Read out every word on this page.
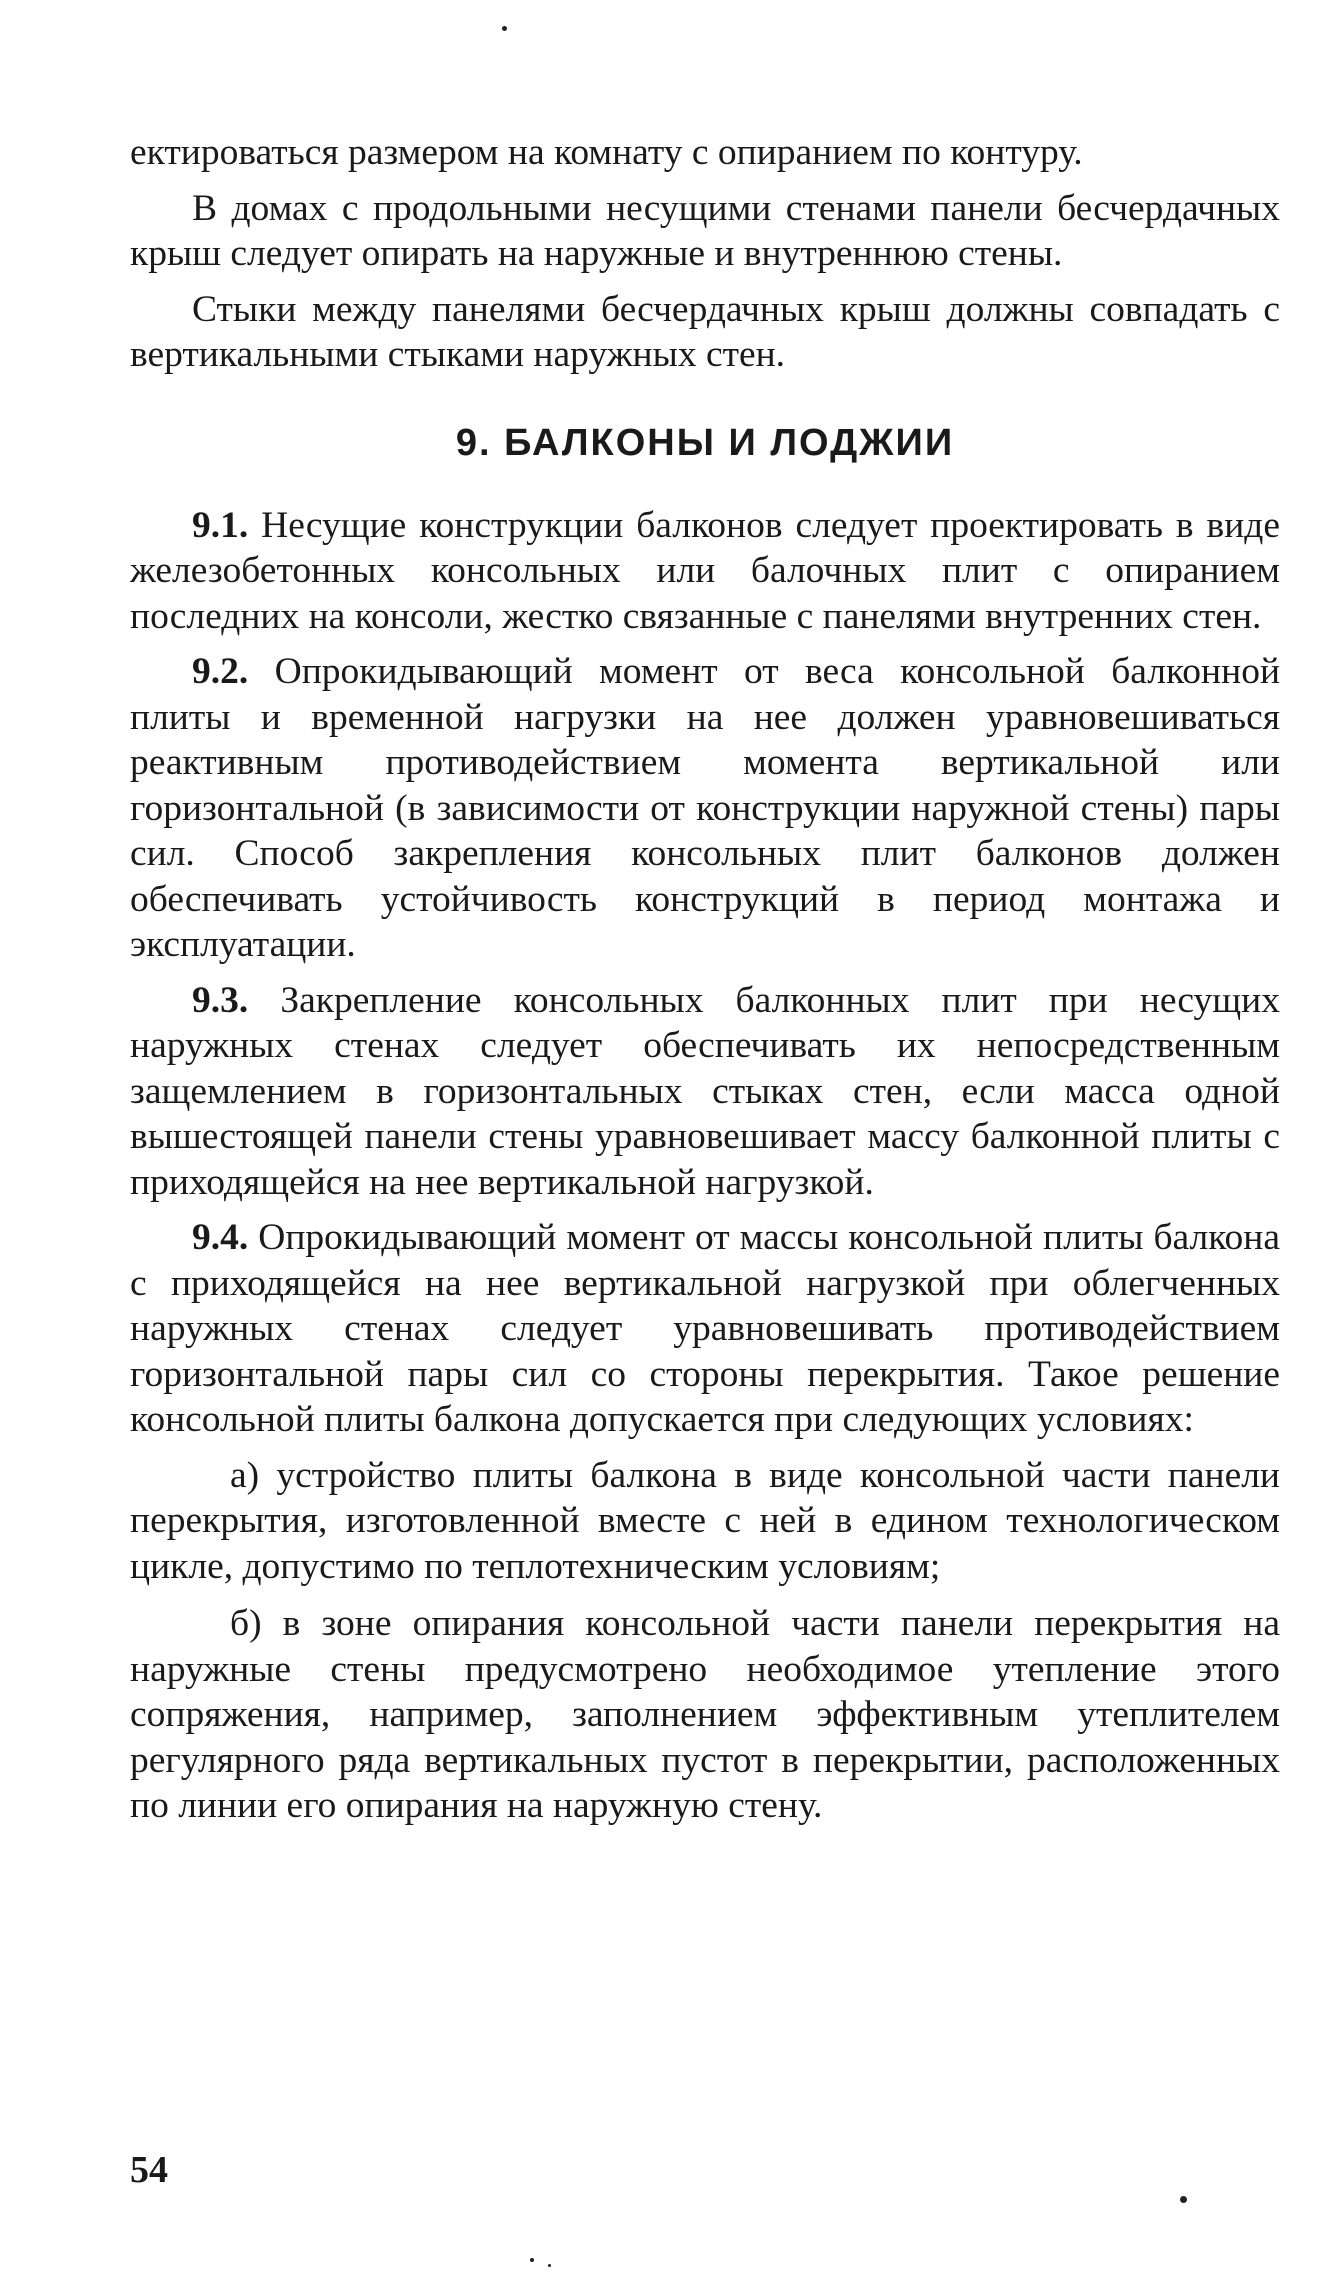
ектироваться размером на комнату с опиранием по контуру.

В домах с продольными несущими стенами панели бесчердачных крыш следует опирать на наружные и внутреннюю стены.

Стыки между панелями бесчердачных крыш должны совпадать с вертикальными стыками наружных стен.

9. БАЛКОНЫ И ЛОДЖИИ

9.1. Несущие конструкции балконов следует проектировать в виде железобетонных консольных или балочных плит с опиранием последних на консоли, жестко связанные с панелями внутренних стен.

9.2. Опрокидывающий момент от веса консольной балконной плиты и временной нагрузки на нее должен уравновешиваться реактивным противодействием момента вертикальной или горизонтальной (в зависимости от конструкции наружной стены) пары сил. Способ закрепления консольных плит балконов должен обеспечивать устойчивость конструкций в период монтажа и эксплуатации.

9.3. Закрепление консольных балконных плит при несущих наружных стенах следует обеспечивать их непосредственным защемлением в горизонтальных стыках стен, если масса одной вышестоящей панели стены уравновешивает массу балконной плиты с приходящейся на нее вертикальной нагрузкой.

9.4. Опрокидывающий момент от массы консольной плиты балкона с приходящейся на нее вертикальной нагрузкой при облегченных наружных стенах следует уравновешивать противодействием горизонтальной пары сил со стороны перекрытия. Такое решение консольной плиты балкона допускается при следующих условиях:

а) устройство плиты балкона в виде консольной части панели перекрытия, изготовленной вместе с ней в едином технологическом цикле, допустимо по теплотехническим условиям;

б) в зоне опирания консольной части панели перекрытия на наружные стены предусмотрено необходимое утепление этого сопряжения, например, заполнением эффективным утеплителем регулярного ряда вертикальных пустот в перекрытии, расположенных по линии его опирания на наружную стену.

54
